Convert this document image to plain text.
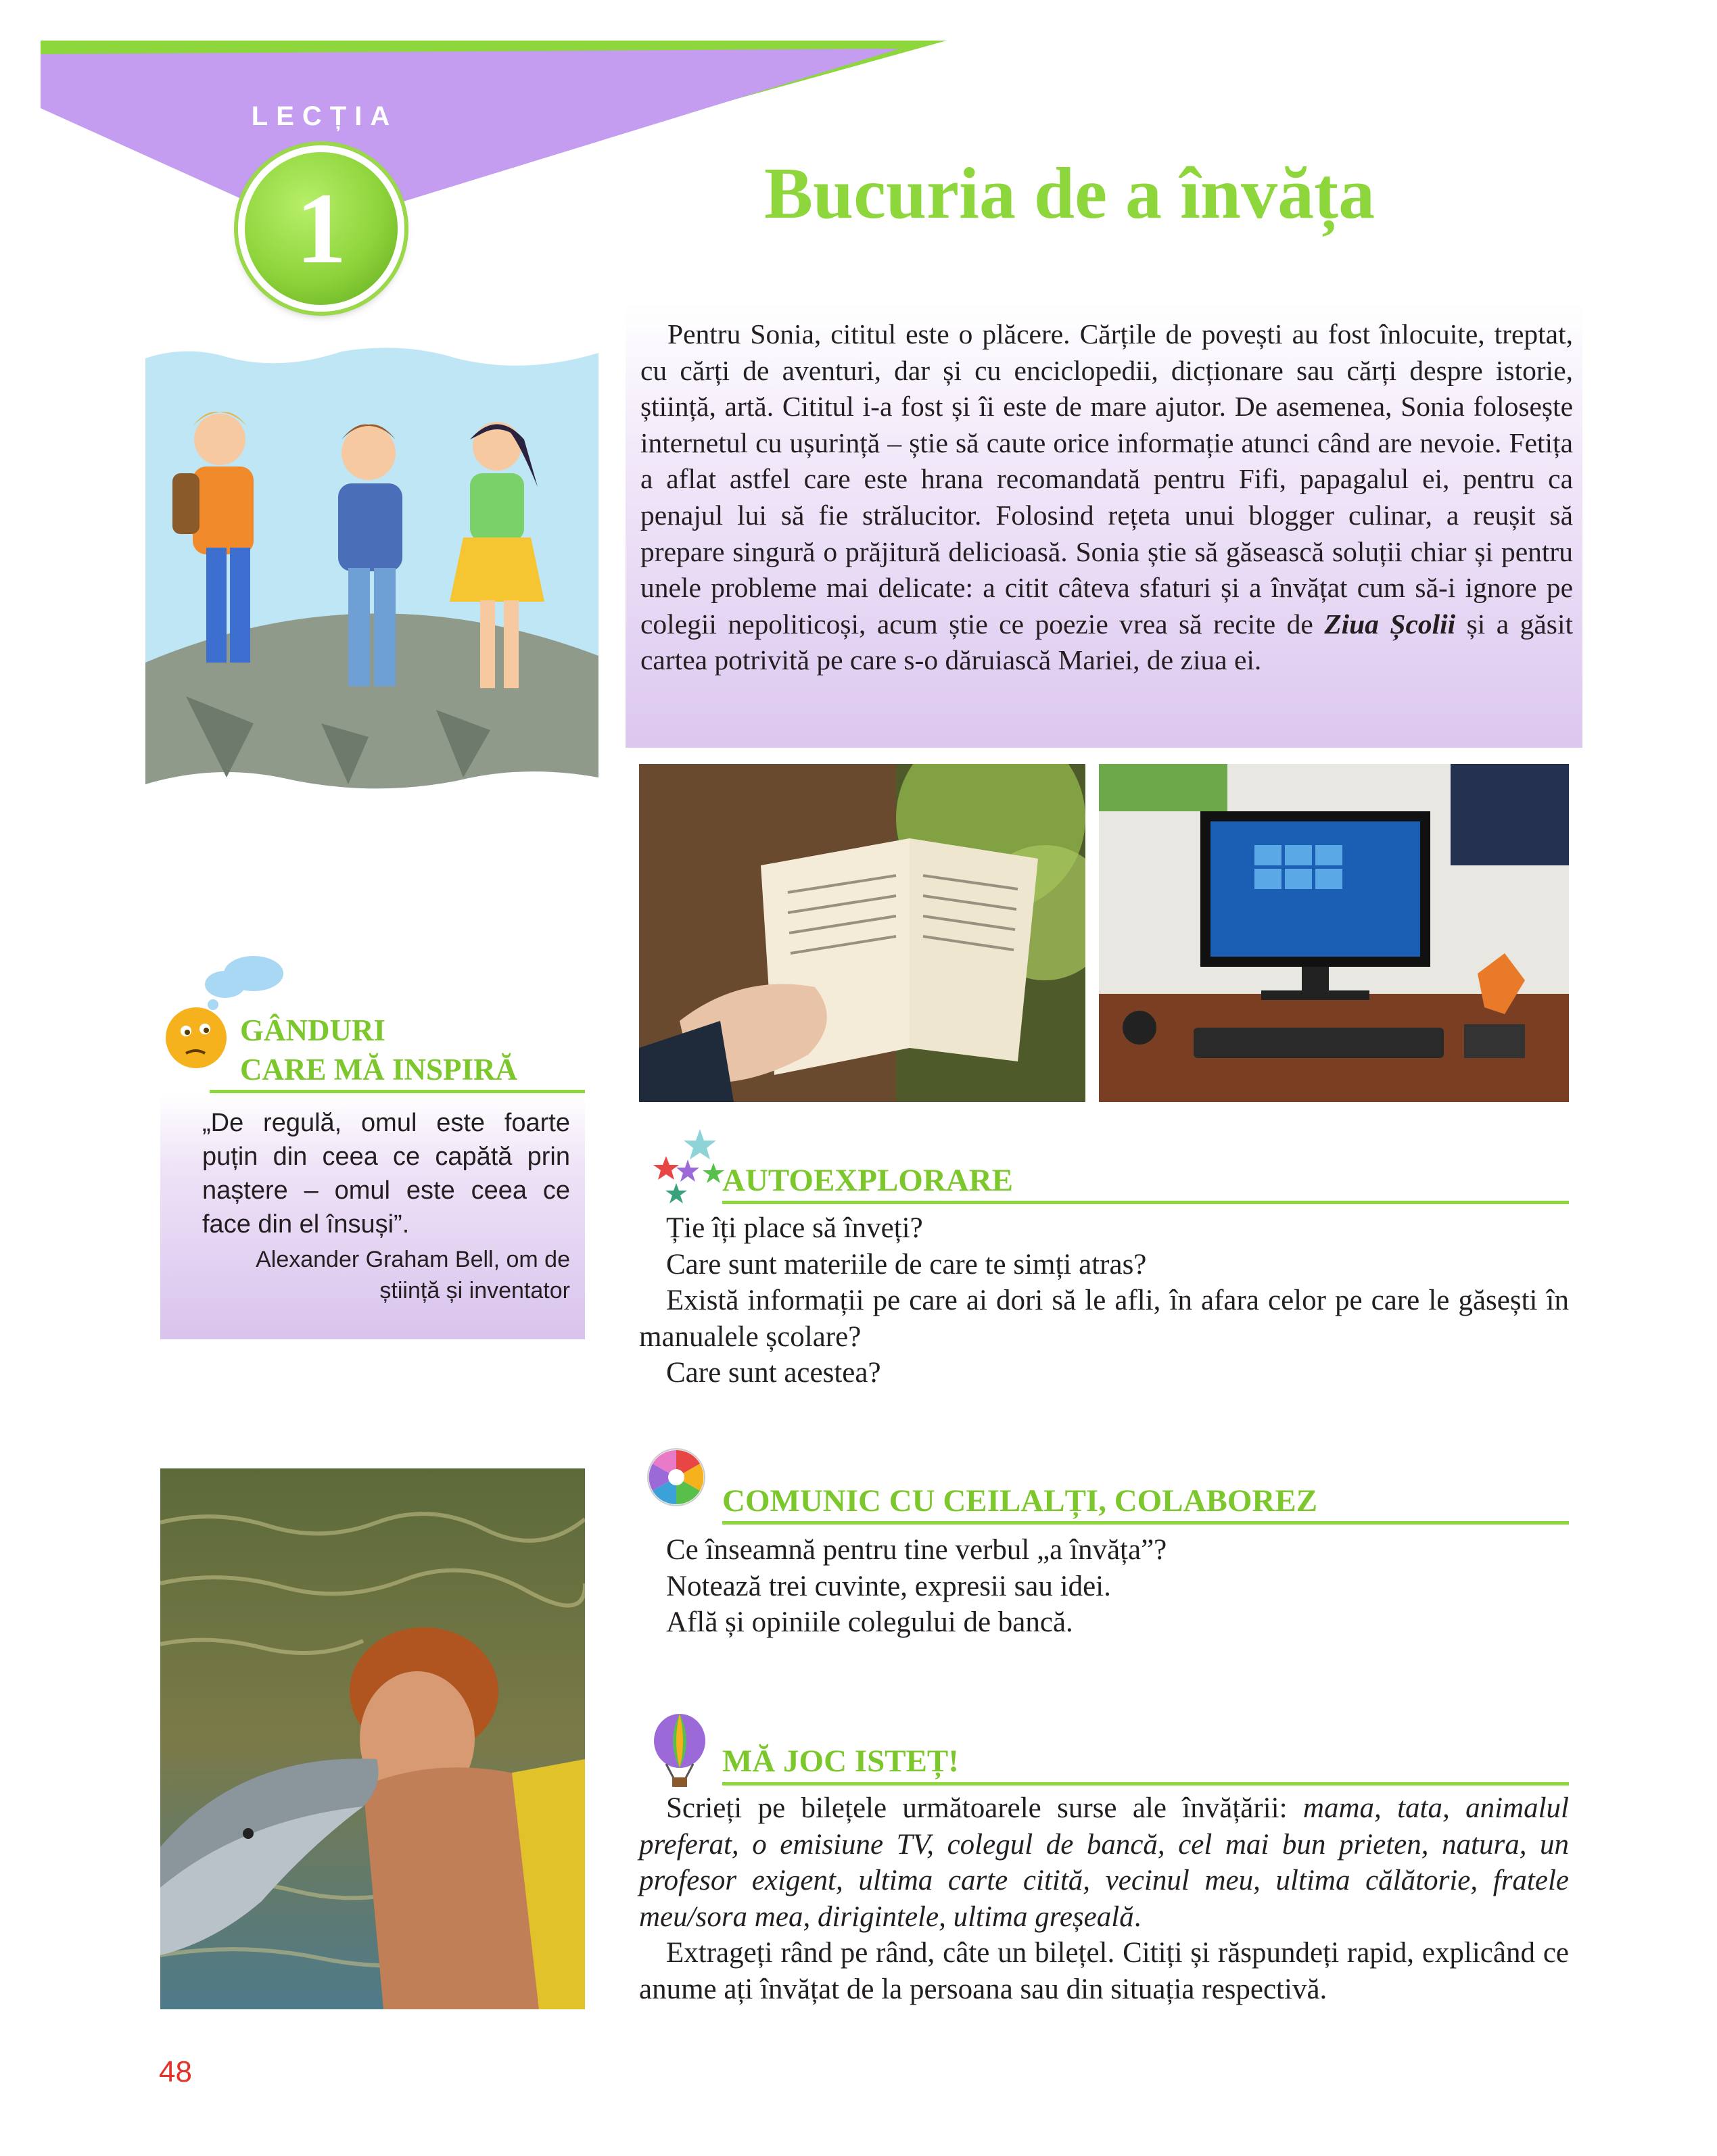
LECȚIA
1	Bucuria de a învăța

Pentru Sonia, cititul este o plăcere. Cărțile de povești au fost înlocuite, treptat, cu cărți de aventuri, dar și cu enciclopedii, dicționare sau cărți despre istorie, știință, artă. Cititul i-a fost și îi este de mare ajutor. De asemenea, Sonia folosește internetul cu ușurință – știe să caute orice informație atunci când are nevoie. Fetița a aflat astfel care este hrana recomandată pentru Fifi, papagalul ei, pentru ca penajul lui să fie strălucitor. Folosind rețeta unui blogger culinar, a reușit să prepare singură o prăjitură delicioasă. Sonia știe să găsească soluții chiar și pentru unele probleme mai delicate: a citit câteva sfaturi și a învățat cum să-i ignore pe colegii nepoliticoși, acum știe ce poezie vrea să recite de Ziua Școlii și a găsit cartea potrivită pe care s-o dăruiască Mariei, de ziua ei.

GÂNDURI
CARE MĂ INSPIRĂ

„De regulă, omul este foarte puțin din ceea ce capătă prin naștere – omul este ceea ce face din el însuși”.

Alexander Graham Bell, om de
știință și inventator

AUTOEXPLORARE

Ție îți place să înveți?

Care sunt materiile de care te simți atras?

Există informații pe care ai dori să le afli, în afara celor pe care le găsești în manualele școlare?

Care sunt acestea?

COMUNIC CU CEILALȚI, COLABOREZ

Ce înseamnă pentru tine verbul „a învăța”?

Notează trei cuvinte, expresii sau idei.

Află și opiniile colegului de bancă.

MĂ JOC ISTEȚ!

Scrieți pe bilețele următoarele surse ale învățării: mama, tata, animalul preferat, o emisiune TV, colegul de bancă, cel mai bun prieten, natura, un profesor exigent, ultima carte citită, vecinul meu, ultima călătorie, fratele meu/sora mea, dirigintele, ultima greșeală.

Extrageți rând pe rând, câte un bilețel. Citiți și răspundeți rapid, explicând ce anume ați învățat de la persoana sau din situația respectivă.

48
